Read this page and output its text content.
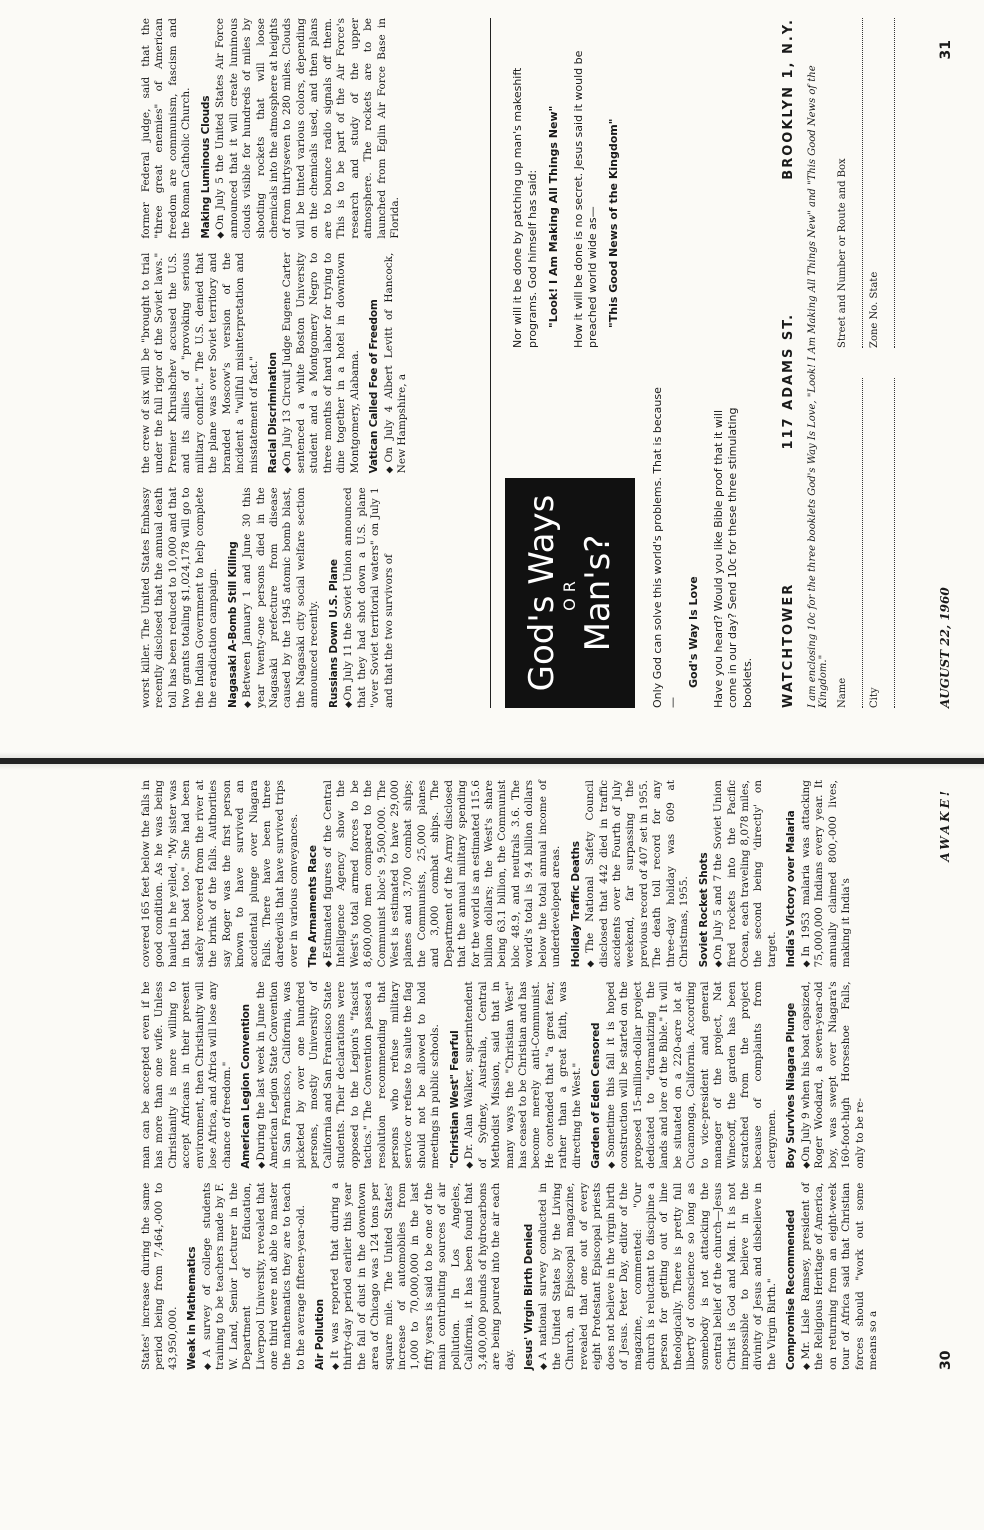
States' increase during the same period being from 7,464,-000 to 43,950,000. Weak in Mathematics ◆ A survey of college students training to be teachers made by F. W. Land, Senior Lecturer in the Department of Education, Liverpool University, revealed that one third were not able to master the mathematics they are to teach to the average fifteen-year-old. Air Pollution ◆ It was reported that during a thirty-day period earlier this year the fall of dust in the downtown area of Chicago was 124 tons per square mile. The United States' increase of automobiles from 1,000 to 70,000,000 in the last fifty years is said to be one of the main contributing sources of air pollution. In Los Angeles, California, it has been found that 3,400,000 pounds of hydrocarbons are being poured into the air each day. Jesus' Virgin Birth Denied ◆ A national survey conducted in the United States by the Living Church, an Episcopal magazine, revealed that one out of every eight Protestant Episcopal priests does not believe in the virgin birth of Jesus. Peter Day, editor of the magazine, commented: "Our church is reluctant to discipline a person for getting out of line theologically. There is pretty full liberty of conscience so long as somebody is not attacking the central belief of the church—Jesus Christ is God and Man. It is not impossible to believe in the divinity of Jesus and disbelieve in the Virgin Birth." Compromise Recommended ◆ Mr. Lisle Ramsey, president of the Religious Heritage of America, on returning from an eight-week tour of Africa said that Christian forces should "work out some means so a

man can be accepted even if he has more than one wife. Unless Christianity is more willing to accept Africans in their present environment, then Christianity will lose Africa, and Africa will lose any chance of freedom." American Legion Convention ◆ During the last week in June the American Legion State Convention in San Francisco, California, was picketed by over one hundred persons, mostly University of California and San Francisco State students. Their declarations were opposed to the Legion's "fascist tactics." The Convention passed a resolution recommending that persons who refuse military service or refuse to salute the flag should not be allowed to hold meetings in public schools. "Christian West" Fearful ◆ Dr. Alan Walker, superintendent of Sydney, Australia, Central Methodist Mission, said that in many ways the "Christian West" has ceased to be Christian and has become merely anti-Communist. He contended that "a great fear, rather than a great faith, was directing the West." Garden of Eden Censored ◆ Sometime this fall it is hoped construction will be started on the proposed 15-million-dollar project dedicated to "dramatizing the lands and lore of the Bible." It will be situated on a 220-acre lot at Cucamonga, California. According to vice-president and general manager of the project, Nat Winecoff, the garden has been scratched from the project because of complaints from clergymen. Boy Survives Niagara Plunge ◆ On July 9 when his boat capsized, Roger Woodard, a seven-year-old boy, was swept over Niagara's 160-foot-high Horseshoe Falls, only to be re-

covered 165 feet below the falls in good condition. As he was being hauled in he yelled, "My sister was in that boat too." She had been safely recovered from the river at the brink of the falls. Authorities say Roger was the first person known to have survived an accidental plunge over Niagara Falls. There have been three daredevils that have survived trips over in various conveyances. The Armaments Race ◆ Estimated figures of the Central Intelligence Agency show the West's total armed forces to be 8,600,000 men compared to the Communist bloc's 9,500,000. The West is estimated to have 29,000 planes and 3,700 combat ships; the Communists, 25,000 planes and 3,000 combat ships. The Department of the Army disclosed that the annual military spending for the world is an estimated 115.6 billion dollars; the West's share being 63.1 billion, the Communist bloc 48.9, and neutrals 3.6. The world's total is 9.4 billion dollars below the total annual income of underdeveloped areas. Holiday Traffic Deaths ◆ The National Safety Council disclosed that 442 died in traffic accidents over the Fourth of July weekend, far surpassing the previous record of 407 set in 1955. The death toll record for any three-day holiday was 609 at Christmas, 1955. Soviet Rocket Shots ◆ On July 5 and 7 the Soviet Union fired rockets into the Pacific Ocean, each traveling 8,078 miles, the second being 'directly' on target. India's Victory over Malaria ◆ In 1953 malaria was attacking 75,000,000 Indians every year. It annually claimed 800,-000 lives, making it India's

30
AWAKE!

worst killer. The United States Embassy recently disclosed that the annual death toll has been reduced to 10,000 and that two grants totaling $1,024,178 will go to the Indian Government to help complete the eradication campaign. Nagasaki A-Bomb Still Killing ◆ Between January 1 and June 30 this year twenty-one persons died in the Nagasaki prefecture from disease caused by the 1945 atomic bomb blast, the Nagasaki city social welfare section announced recently. Russians Down U.S. Plane ◆ On July 11 the Soviet Union announced that they had shot down a U.S. plane "over Soviet territorial waters" on July 1 and that the two survivors of

the crew of six will be "brought to trial under the full rigor of the Soviet laws." Premier Khrushchev accused the U.S. and its allies of "provoking serious military conflict." The U.S. denied that the plane was over Soviet territory and branded Moscow's version of the incident a "willful misinterpretation and misstatement of fact." Racial Discrimination ◆ On July 13 Circuit Judge Eugene Carter sentenced a white Boston University student and a Montgomery Negro to three months of hard labor for trying to dine together in a hotel in downtown Montgomery, Alabama. Vatican Called Foe of Freedom ◆ On July 4 Albert Levitt of Hancock, New Hampshire, a

former Federal judge, said that the "three great enemies" of American freedom are communism, fascism and the Roman Catholic Church. Making Luminous Clouds ◆ On July 5 the United States Air Force announced that it will create luminous clouds visible for hundreds of miles by shooting rockets that will loose chemicals into the atmosphere at heights of from thirtyseven to 280 miles. Clouds will be tinted various colors, depending on the chemicals used, and then plans are to bounce radio signals off them. This is to be part of the Air Force's research and study of the upper atmosphere. The rockets are to be launched from Eglin Air Force Base in Florida.

God's Ways
OR Man's?	Only God can solve this world's problems. That is because—

God's Way Is Love Have you heard? Would you like Bible proof that it will come in our day? Send 10c for these three stimulating booklets.

Nor will it be done by patching up man's makeshift programs. God himself has said: "Look! I Am Making All Things New" How it will be done is no secret. Jesus said it would be preached world wide as— "This Good News of the Kingdom"
WATCHTOWER
117 ADAMS ST.
BROOKLYN 1, N.Y. I am enclosing 10c for the three booklets God's Way Is Love, "Look! I Am Making All Things New" and "This Good News of the Kingdom." Name
Street and Number or Route and Box
City
Zone No. State
AUGUST 22, 1960
31
